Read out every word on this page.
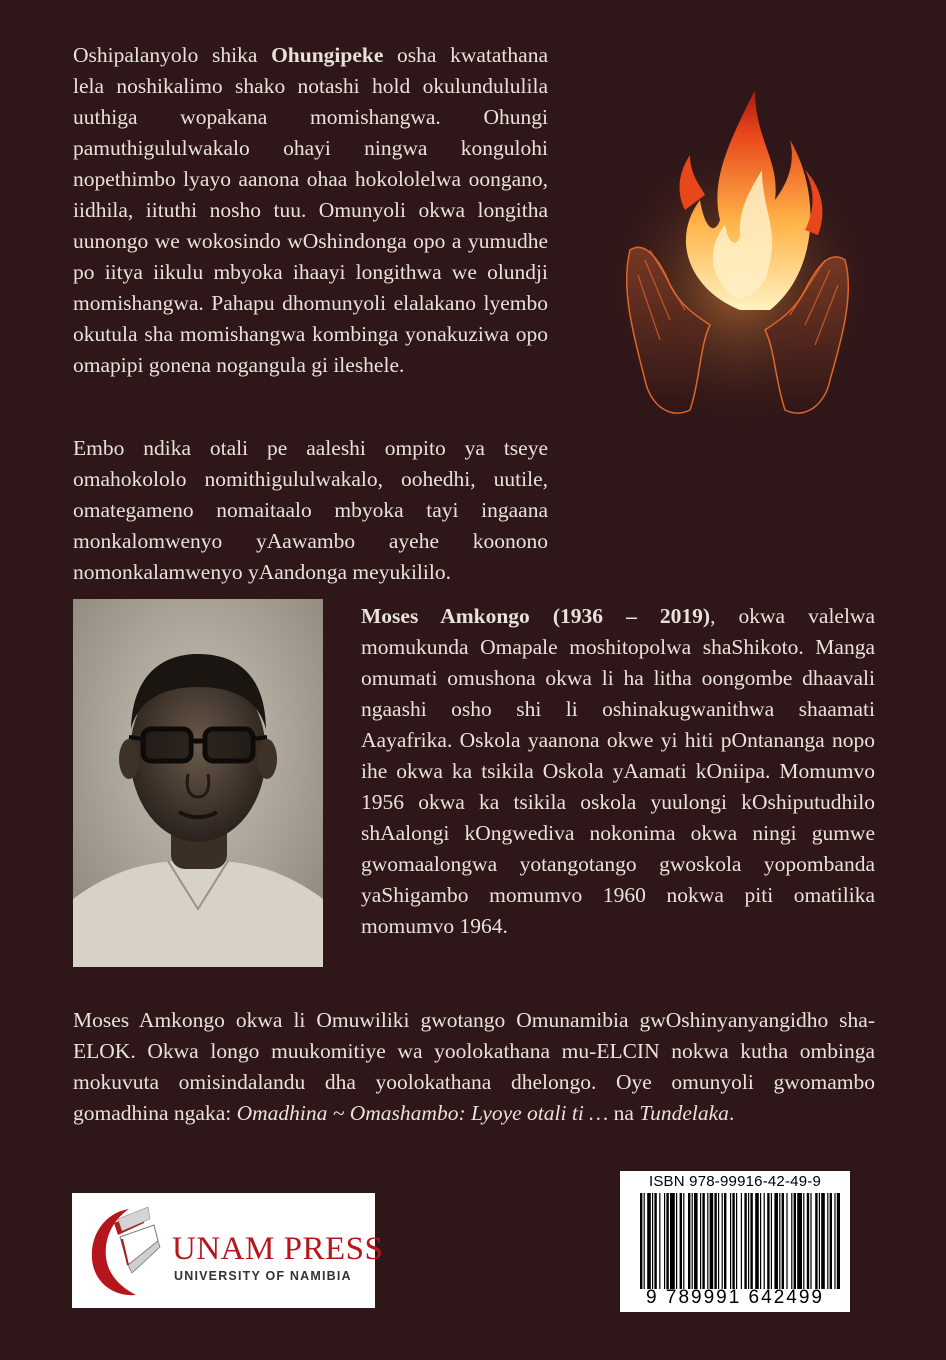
Oshipalanyolo shika Ohungipeke osha kwatathana lela noshikalimo shako notashi hold okulundululila uuthiga wopakana momishangwa. Ohungi pamuthigululwakalo ohayi ningwa kongulohi nopethimbo lyayo aanona ohaa hokololelwa oongano, iidhila, iituthi nosho tuu. Omunyoli okwa longitha uunongo we wokosindo wOshindonga opo a yumudhe po iitya iikulu mbyoka ihaayi longithwa we olundji momishangwa. Pahapu dhomunyoli elalakano lyembo okutula sha momishangwa kombinga yonakuziwa opo omapipi gonena nogangula gi ileshele.

Embo ndika otali pe aaleshi ompito ya tseye omahokololo nomithigululwakalo, oohedhi, uutile, omategameno nomaitaalo mbyoka tayi ingaana monkalomwenyo yAawambo ayehe koonono nomonkalamwenyo yAandonga meyukililo.

Moses Amkongo (1936 – 2019), okwa valelwa momukunda Omapale moshitopolwa shaShikoto. Manga omumati omushona okwa li ha litha oongombe dhaavali ngaashi osho shi li oshinakugwanithwa shaamati Aayafrika. Oskola yaanona okwe yi hiti pOntananga nopo ihe okwa ka tsikila Oskola yAamati kOniipa. Momumvo 1956 okwa ka tsikila oskola yuulongi kOshiputudhilo shAalongi kOngwediva nokonima okwa ningi gumwe gwomaalongwa yotangotango gwoskola yopombanda yaShigambo momumvo 1960 nokwa piti omatilika momumvo 1964.

Moses Amkongo okwa li Omuwiliki gwotango Omunamibia gwOshinyanyangidho sha-ELOK. Okwa longo muukomitiye wa yoolokathana mu-ELCIN nokwa kutha ombinga mokuvuta omisindalandu dha yoolokathana dhelongo. Oye omunyoli gwomambo gomadhina ngaka: Omadhina ~ Omashambo: Lyoye otali ti … na Tundelaka.

UNAM PRESS
UNIVERSITY OF NAMIBIA
ISBN 978-99916-42-49-9
9 789991 642499
